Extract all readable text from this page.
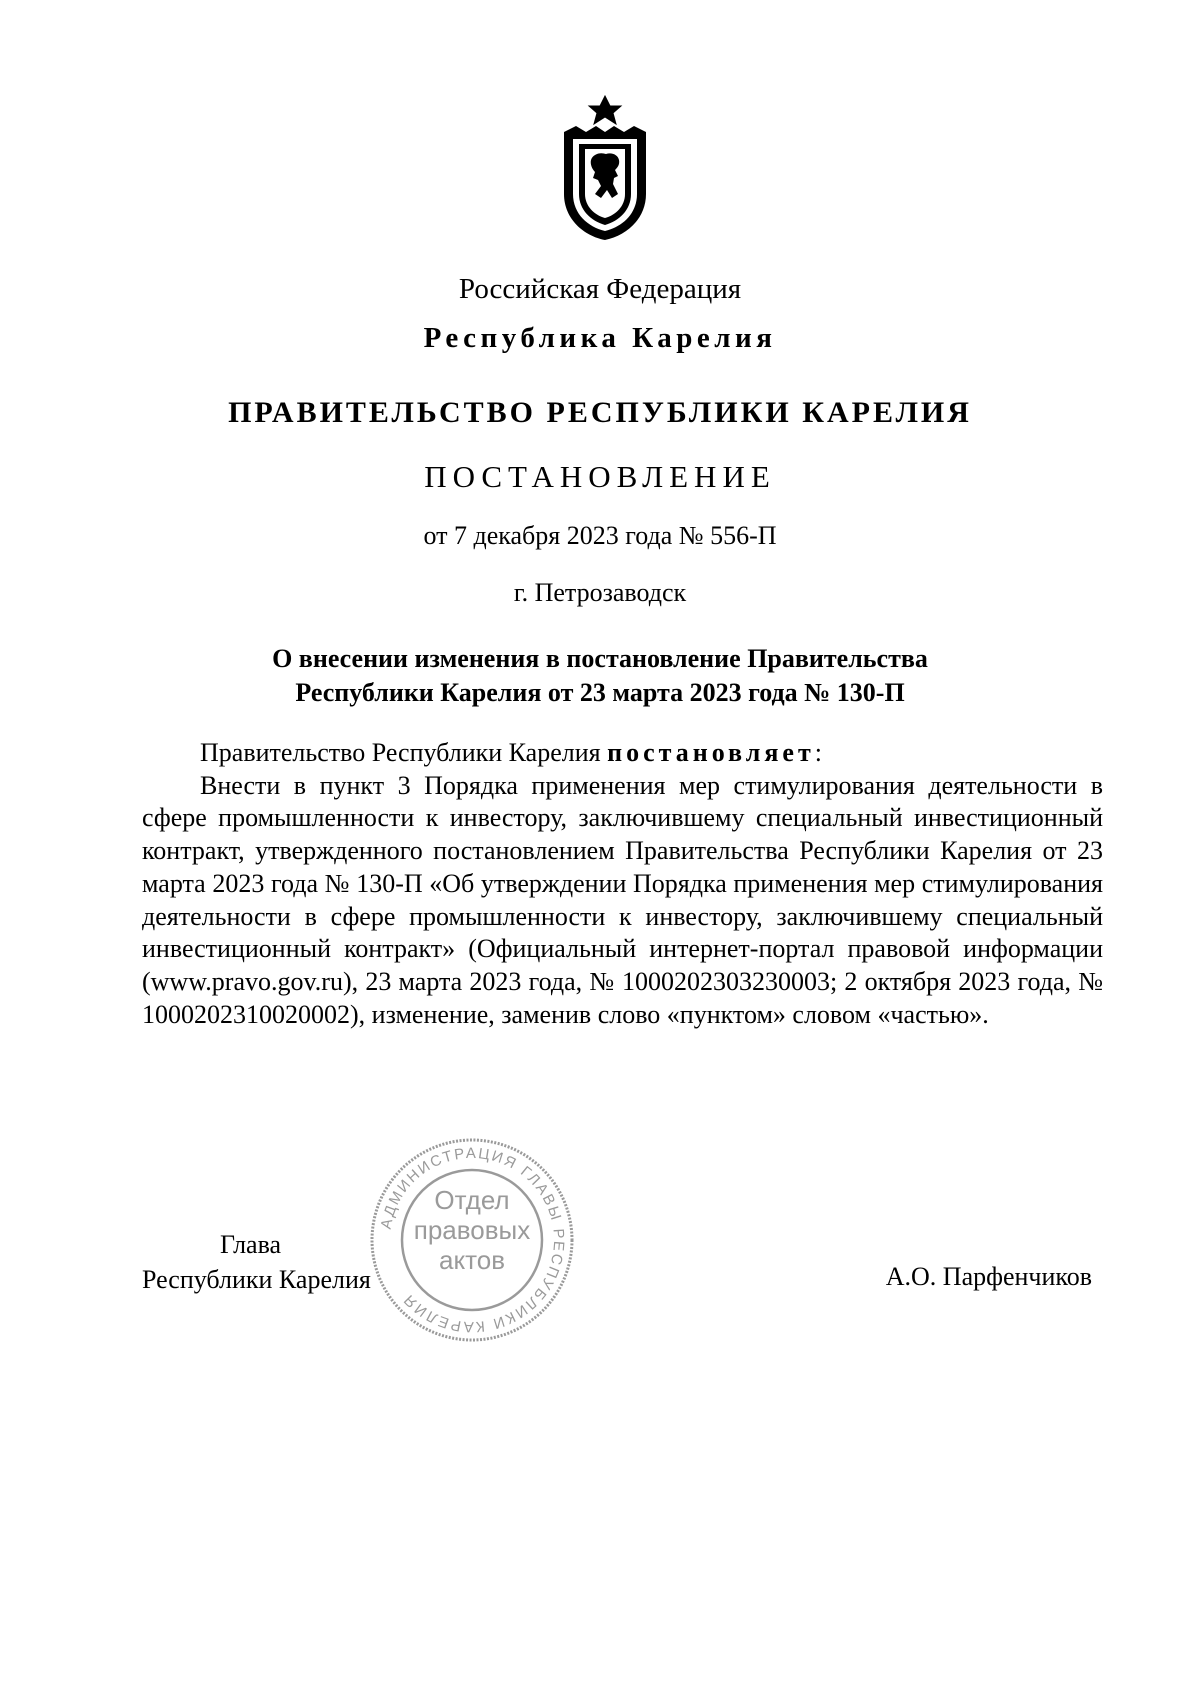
Российская Федерация
Республика Карелия
ПРАВИТЕЛЬСТВО РЕСПУБЛИКИ КАРЕЛИЯ
ПОСТАНОВЛЕНИЕ
от 7 декабря 2023 года № 556-П
г. Петрозаводск
О внесении изменения в постановление Правительства
Республики Карелия от 23 марта 2023 года № 130-П

Правительство Республики Карелия постановляет:

Внести в пункт 3 Порядка применения мер стимулирования деятельности в сфере промышленности к инвестору, заключившему специальный инвестиционный контракт, утвержденного постановлением Правительства Республики Карелия от 23 марта 2023 года № 130-П «Об утверждении Порядка применения мер стимулирования деятельности в сфере промышленности к инвестору, заключившему специальный инвестиционный контракт» (Официальный интернет-портал правовой информации (www.pravo.gov.ru), 23 марта 2023 года, № 1000202303230003; 2 октября 2023 года, № 1000202310020002), изменение, заменив слово «пунктом» словом «частью».

АДМИНИСТРАЦИЯ ГЛАВЫ РЕСПУБЛИКИ КАРЕЛИЯ
Отдел
правовых
актов
Глава
Республики Карелия	А.О. Парфенчиков
